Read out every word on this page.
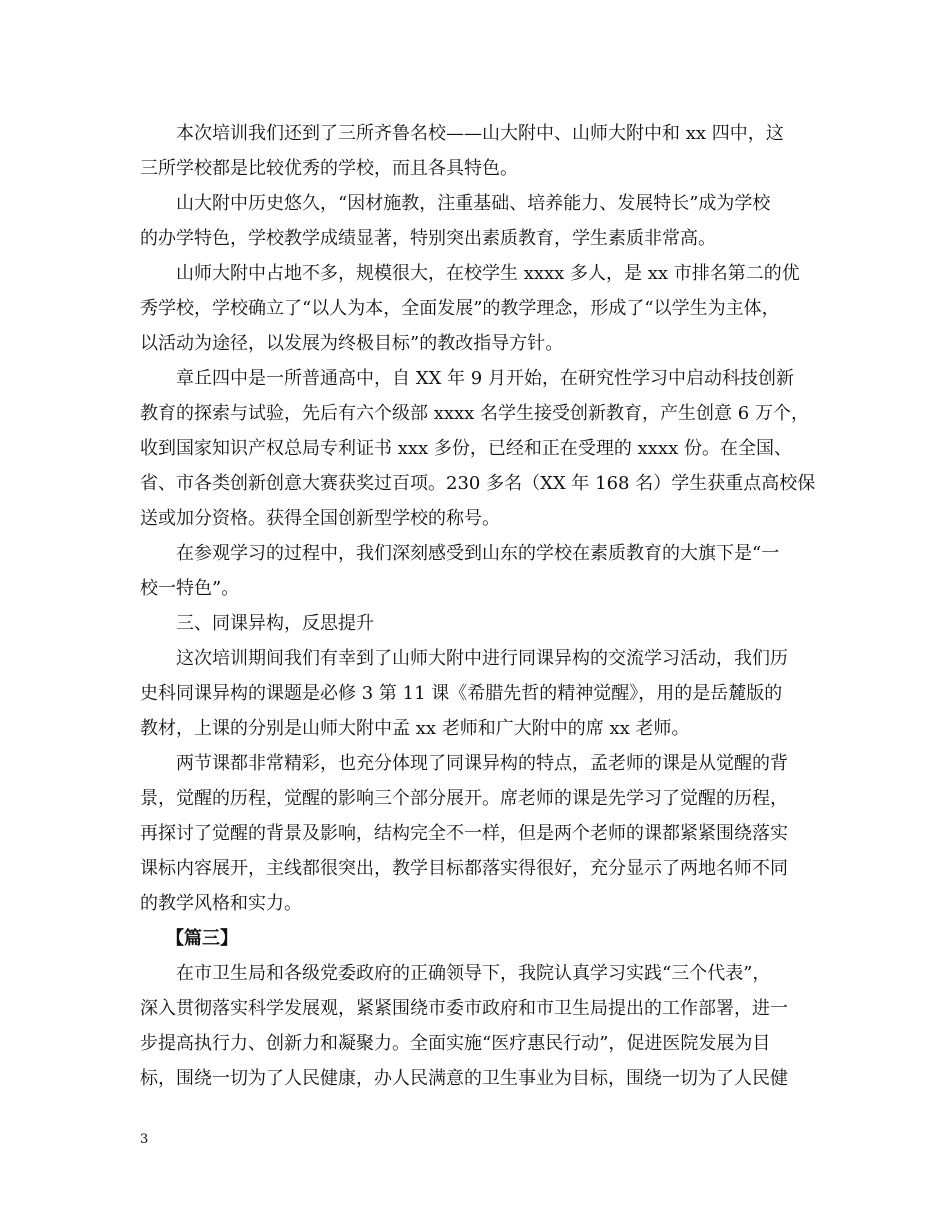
本次培训我们还到了三所齐鲁名校——山大附中、山师大附中和 xx 四中，这
三所学校都是比较优秀的学校，而且各具特色。
山大附中历史悠久，“因材施教，注重基础、培养能力、发展特长”成为学校
的办学特色，学校教学成绩显著，特别突出素质教育，学生素质非常高。
山师大附中占地不多，规模很大，在校学生 xxxx 多人，是 xx 市排名第二的优
秀学校，学校确立了“以人为本，全面发展”的教学理念，形成了“以学生为主体，
以活动为途径，以发展为终极目标”的教改指导方针。
章丘四中是一所普通高中，自 XX 年 9 月开始，在研究性学习中启动科技创新
教育的探索与试验，先后有六个级部 xxxx 名学生接受创新教育，产生创意 6 万个，
收到国家知识产权总局专利证书 xxx 多份，已经和正在受理的 xxxx 份。在全国、
省、市各类创新创意大赛获奖过百项。230 多名（XX 年 168 名）学生获重点高校保
送或加分资格。获得全国创新型学校的称号。
在参观学习的过程中，我们深刻感受到山东的学校在素质教育的大旗下是“一
校一特色”。
三、同课异构，反思提升
这次培训期间我们有幸到了山师大附中进行同课异构的交流学习活动，我们历
史科同课异构的课题是必修 3 第 11 课《希腊先哲的精神觉醒》，用的是岳麓版的
教材，上课的分别是山师大附中孟 xx 老师和广大附中的席 xx 老师。
两节课都非常精彩，也充分体现了同课异构的特点，孟老师的课是从觉醒的背
景，觉醒的历程，觉醒的影响三个部分展开。席老师的课是先学习了觉醒的历程，
再探讨了觉醒的背景及影响，结构完全不一样，但是两个老师的课都紧紧围绕落实
课标内容展开，主线都很突出，教学目标都落实得很好，充分显示了两地名师不同
的教学风格和实力。
【篇三】
在市卫生局和各级党委政府的正确领导下，我院认真学习实践“三个代表”，
深入贯彻落实科学发展观，紧紧围绕市委市政府和市卫生局提出的工作部署，进一
步提高执行力、创新力和凝聚力。全面实施“医疗惠民行动”，促进医院发展为目
标，围绕一切为了人民健康，办人民满意的卫生事业为目标，围绕一切为了人民健
3
